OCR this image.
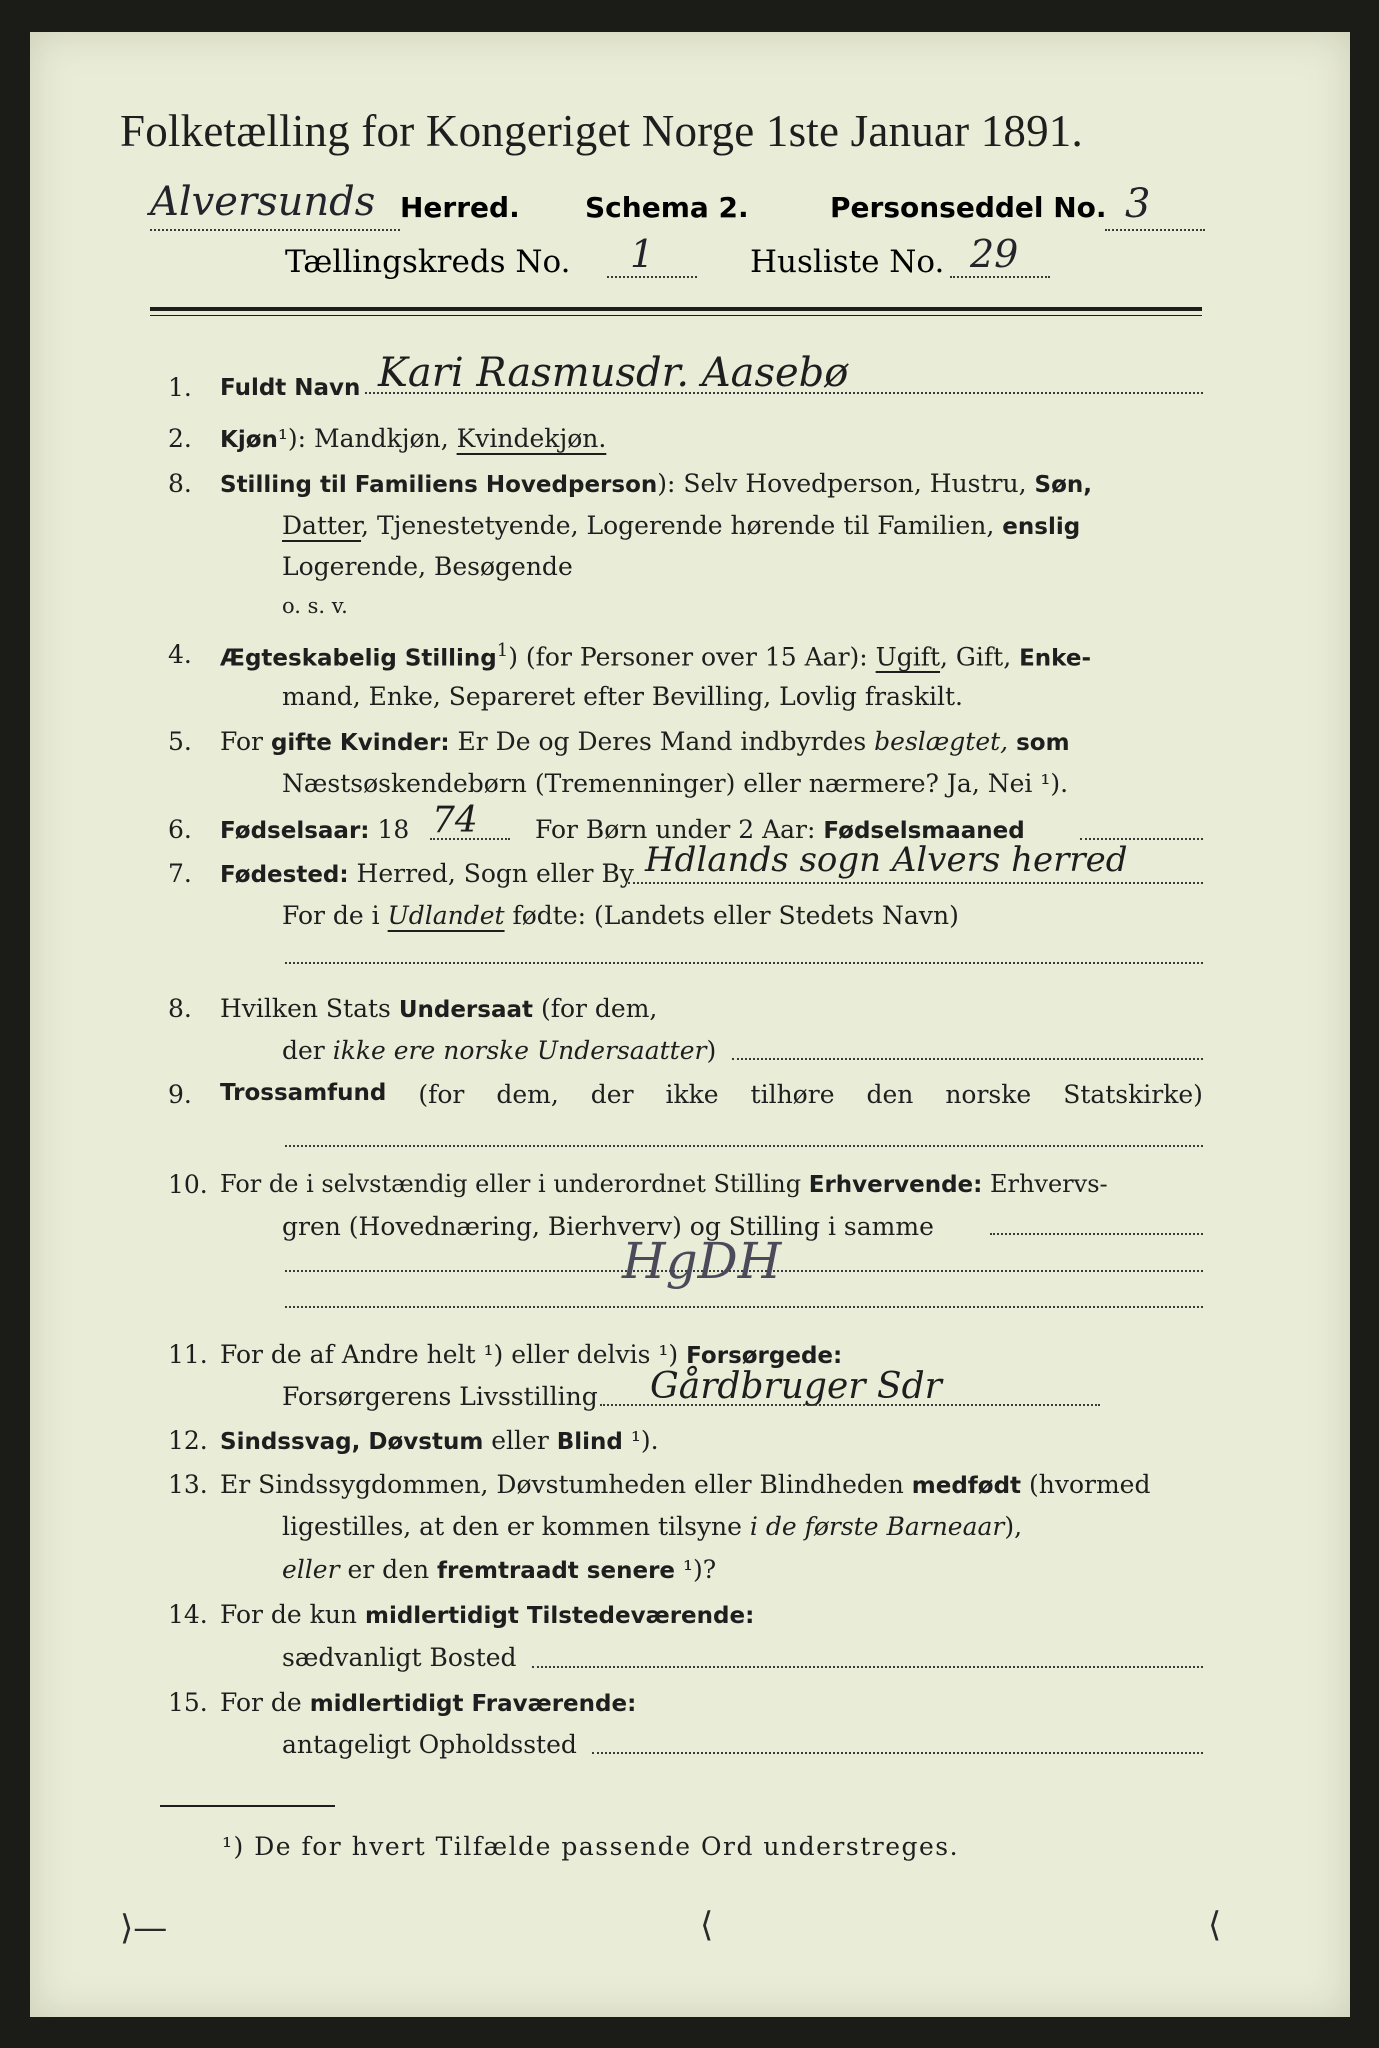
Folketælling for Kongeriget Norge 1ste Januar 1891.
Alversunds Herred. Schema 2.	Personseddel No. 3
Tællingskreds No. 1	Husliste No. 29
1. Fuldt Navn Kari Rasmusdr. Aasebø
2. Kjøn¹): Mandkjøn, Kvindekjøn.
8. Stilling til Familiens Hovedperson): Selv Hovedperson, Hustru, Søn,
Datter, Tjenestetyende, Logerende hørende til Familien, enslig
Logerende, Besøgende
o. s. v.
4. Ægteskabelig Stilling$^1$) (for Personer over 15 Aar): Ugift, Gift, Enke-
mand, Enke, Separeret efter Bevilling, Lovlig fraskilt.
5. For gifte Kvinder: Er De og Deres Mand indbyrdes beslægtet, som
Næstsøskendebørn (Tremenninger) eller nærmere? Ja, Nei ¹).
6. Fødselsaar: 18 74 For Børn under 2 Aar: Fødselsmaaned
7. Fødested: Herred, Sogn eller By Hdlands sogn Alvers herred
For de i Udlandet fødte: (Landets eller Stedets Navn)
8. Hvilken Stats Undersaat (for dem,
der ikke ere norske Undersaatter)
9. Trossamfund (for dem, der ikke tilhøre den norske Statskirke)
10. For de i selvstændig eller i underordnet Stilling Erhvervende: Erhvervs-
gren (Hovednæring, Bierhverv) og Stilling i samme
HgDH
11. For de af Andre helt ¹) eller delvis ¹) Forsørgede:
Forsørgerens Livsstilling Gårdbruger Sdr
12. Sindssvag, Døvstum eller Blind ¹).
13. Er Sindssygdommen, Døvstumheden eller Blindheden medfødt (hvormed
ligestilles, at den er kommen tilsyne i de første Barneaar),
eller er den fremtraadt senere ¹)?
14. For de kun midlertidigt Tilstedeværende:
sædvanligt Bosted
15. For de midlertidigt Fraværende:
antageligt Opholdssted
¹) De for hvert Tilfælde passende Ord understreges.
⟩—	⟨	⟨
